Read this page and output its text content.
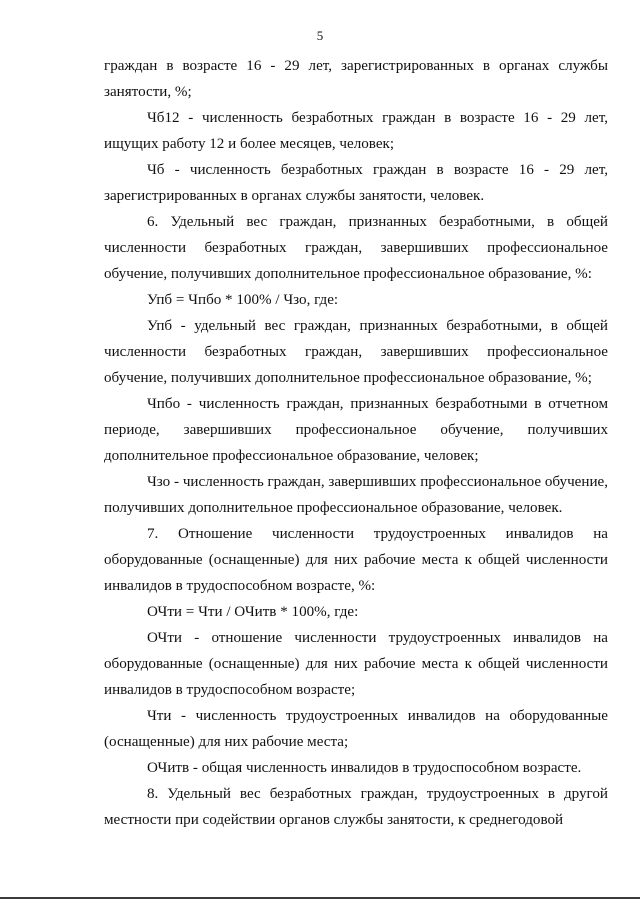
5

граждан в возрасте 16 - 29 лет, зарегистрированных в органах службы занятости, %;

Чб12 - численность безработных граждан в возрасте 16 - 29 лет, ищущих работу 12 и более месяцев, человек;

Чб - численность безработных граждан в возрасте 16 - 29 лет, зарегистрированных в органах службы занятости, человек.

6. Удельный вес граждан, признанных безработными, в общей численности безработных граждан, завершивших профессиональное обучение, получивших дополнительное профессиональное образование, %:

Упб = Чпбо * 100% / Чзо, где:

Упб - удельный вес граждан, признанных безработными, в общей численности безработных граждан, завершивших профессиональное обучение, получивших дополнительное профессиональное образование, %;

Чпбо - численность граждан, признанных безработными в отчетном периоде, завершивших профессиональное обучение, получивших дополнительное профессиональное образование, человек;

Чзо - численность граждан, завершивших профессиональное обучение, получивших дополнительное профессиональное образование, человек.

7. Отношение численности трудоустроенных инвалидов на оборудованные (оснащенные) для них рабочие места к общей численности инвалидов в трудоспособном возрасте, %:

ОЧти = Чти / ОЧитв * 100%, где:

ОЧти - отношение численности трудоустроенных инвалидов на оборудованные (оснащенные) для них рабочие места к общей численности инвалидов в трудоспособном возрасте;

Чти - численность трудоустроенных инвалидов на оборудованные (оснащенные) для них рабочие места;

ОЧитв - общая численность инвалидов в трудоспособном возрасте.

8. Удельный вес безработных граждан, трудоустроенных в другой местности при содействии органов службы занятости, к среднегодовой
